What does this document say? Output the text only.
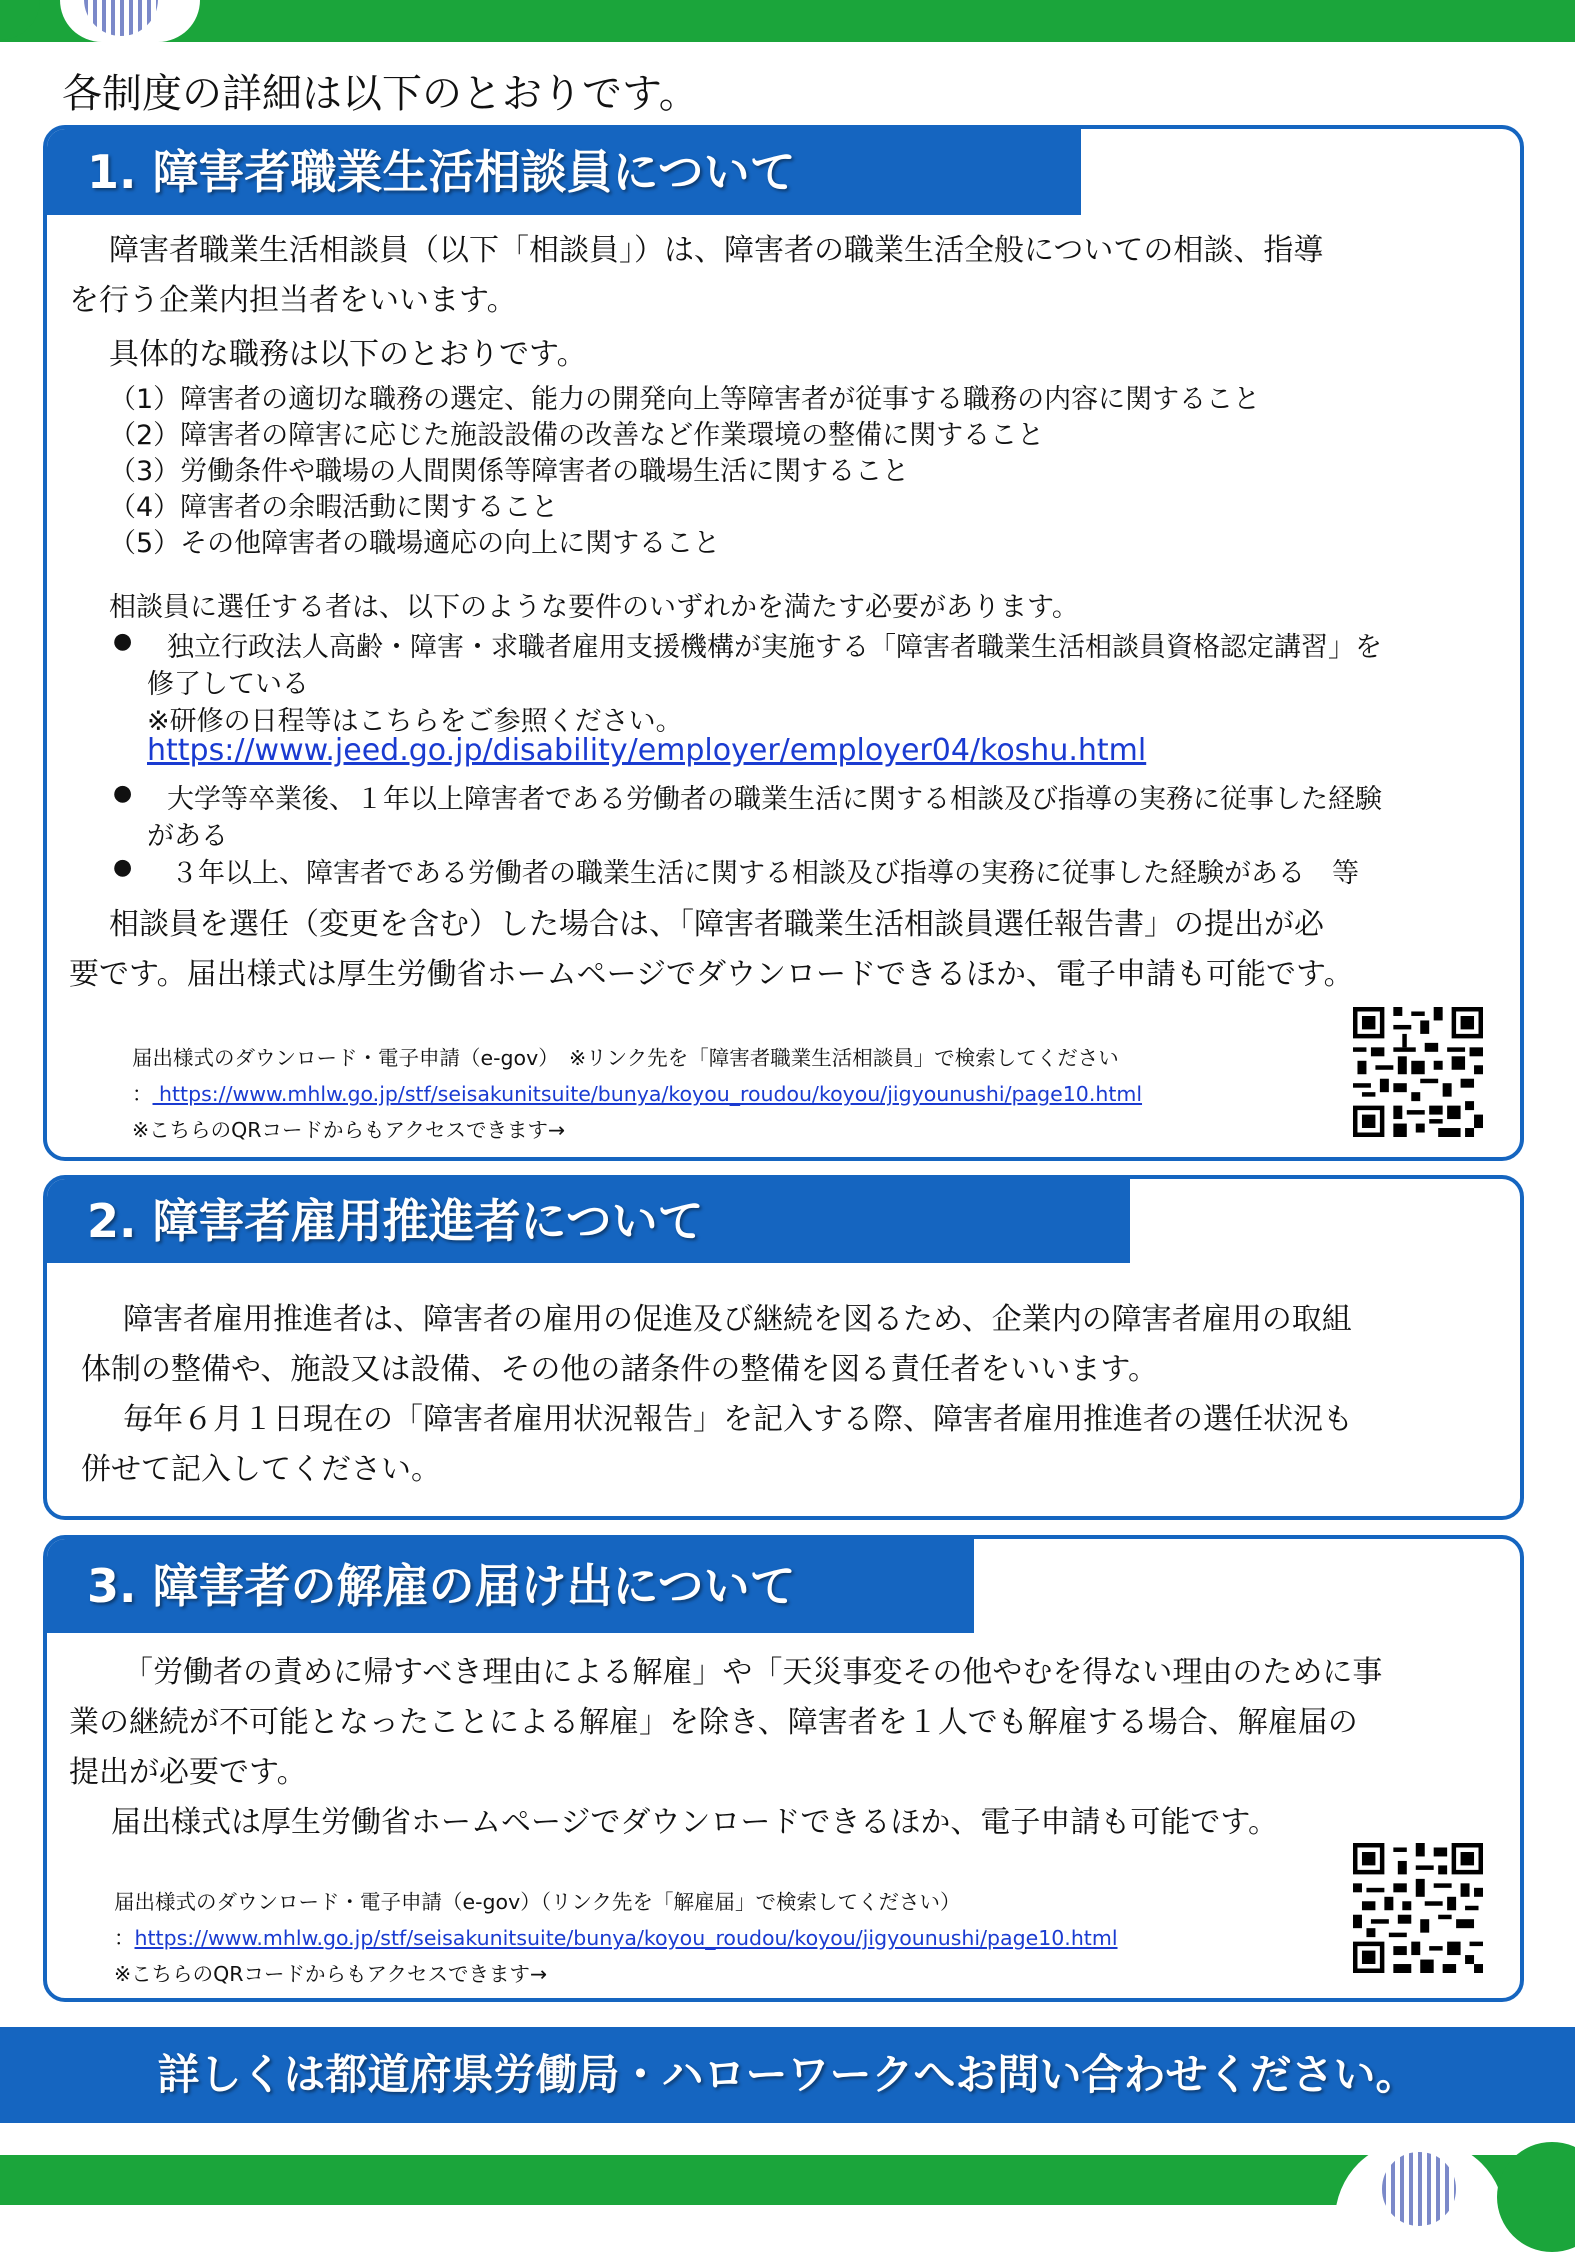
各制度の詳細は以下のとおりです。
1. 障害者職業生活相談員について
障害者職業生活相談員（以下「相談員」）は、障害者の職業生活全般についての相談、指導
を行う企業内担当者をいいます。
具体的な職務は以下のとおりです。
（1）障害者の適切な職務の選定、能力の開発向上等障害者が従事する職務の内容に関すること
（2）障害者の障害に応じた施設設備の改善など作業環境の整備に関すること
（3）労働条件や職場の人間関係等障害者の職場生活に関すること
（4）障害者の余暇活動に関すること
（5）その他障害者の職場適応の向上に関すること
相談員に選任する者は、以下のような要件のいずれかを満たす必要があります。
● 独立行政法人高齢・障害・求職者雇用支援機構が実施する「障害者職業生活相談員資格認定講習」を
修了している
※研修の日程等はこちらをご参照ください。
https://www.jeed.go.jp/disability/employer/employer04/koshu.html
● 大学等卒業後、１年以上障害者である労働者の職業生活に関する相談及び指導の実務に従事した経験
がある
● ３年以上、障害者である労働者の職業生活に関する相談及び指導の実務に従事した経験がある　等
相談員を選任（変更を含む）した場合は、「障害者職業生活相談員選任報告書」の提出が必
要です。届出様式は厚生労働省ホームページでダウンロードできるほか、電子申請も可能です。
届出様式のダウンロード・電子申請（e-gov）　※リンク先を「障害者職業生活相談員」で検索してください
： https://www.mhlw.go.jp/stf/seisakunitsuite/bunya/koyou_roudou/koyou/jigyounushi/page10.html
※こちらのQRコードからもアクセスできます→
2. 障害者雇用推進者について
障害者雇用推進者は、障害者の雇用の促進及び継続を図るため、企業内の障害者雇用の取組
体制の整備や、施設又は設備、その他の諸条件の整備を図る責任者をいいます。
毎年６月１日現在の「障害者雇用状況報告」を記入する際、障害者雇用推進者の選任状況も
併せて記入してください。
3. 障害者の解雇の届け出について
「労働者の責めに帰すべき理由による解雇」や「天災事変その他やむを得ない理由のために事
業の継続が不可能となったことによる解雇」を除き、障害者を１人でも解雇する場合、解雇届の
提出が必要です。
届出様式は厚生労働省ホームページでダウンロードできるほか、電子申請も可能です。
届出様式のダウンロード・電子申請（e-gov）（リンク先を「解雇届」で検索してください）
：https://www.mhlw.go.jp/stf/seisakunitsuite/bunya/koyou_roudou/koyou/jigyounushi/page10.html
※こちらのQRコードからもアクセスできます→
詳しくは都道府県労働局・ハローワークへお問い合わせください。
